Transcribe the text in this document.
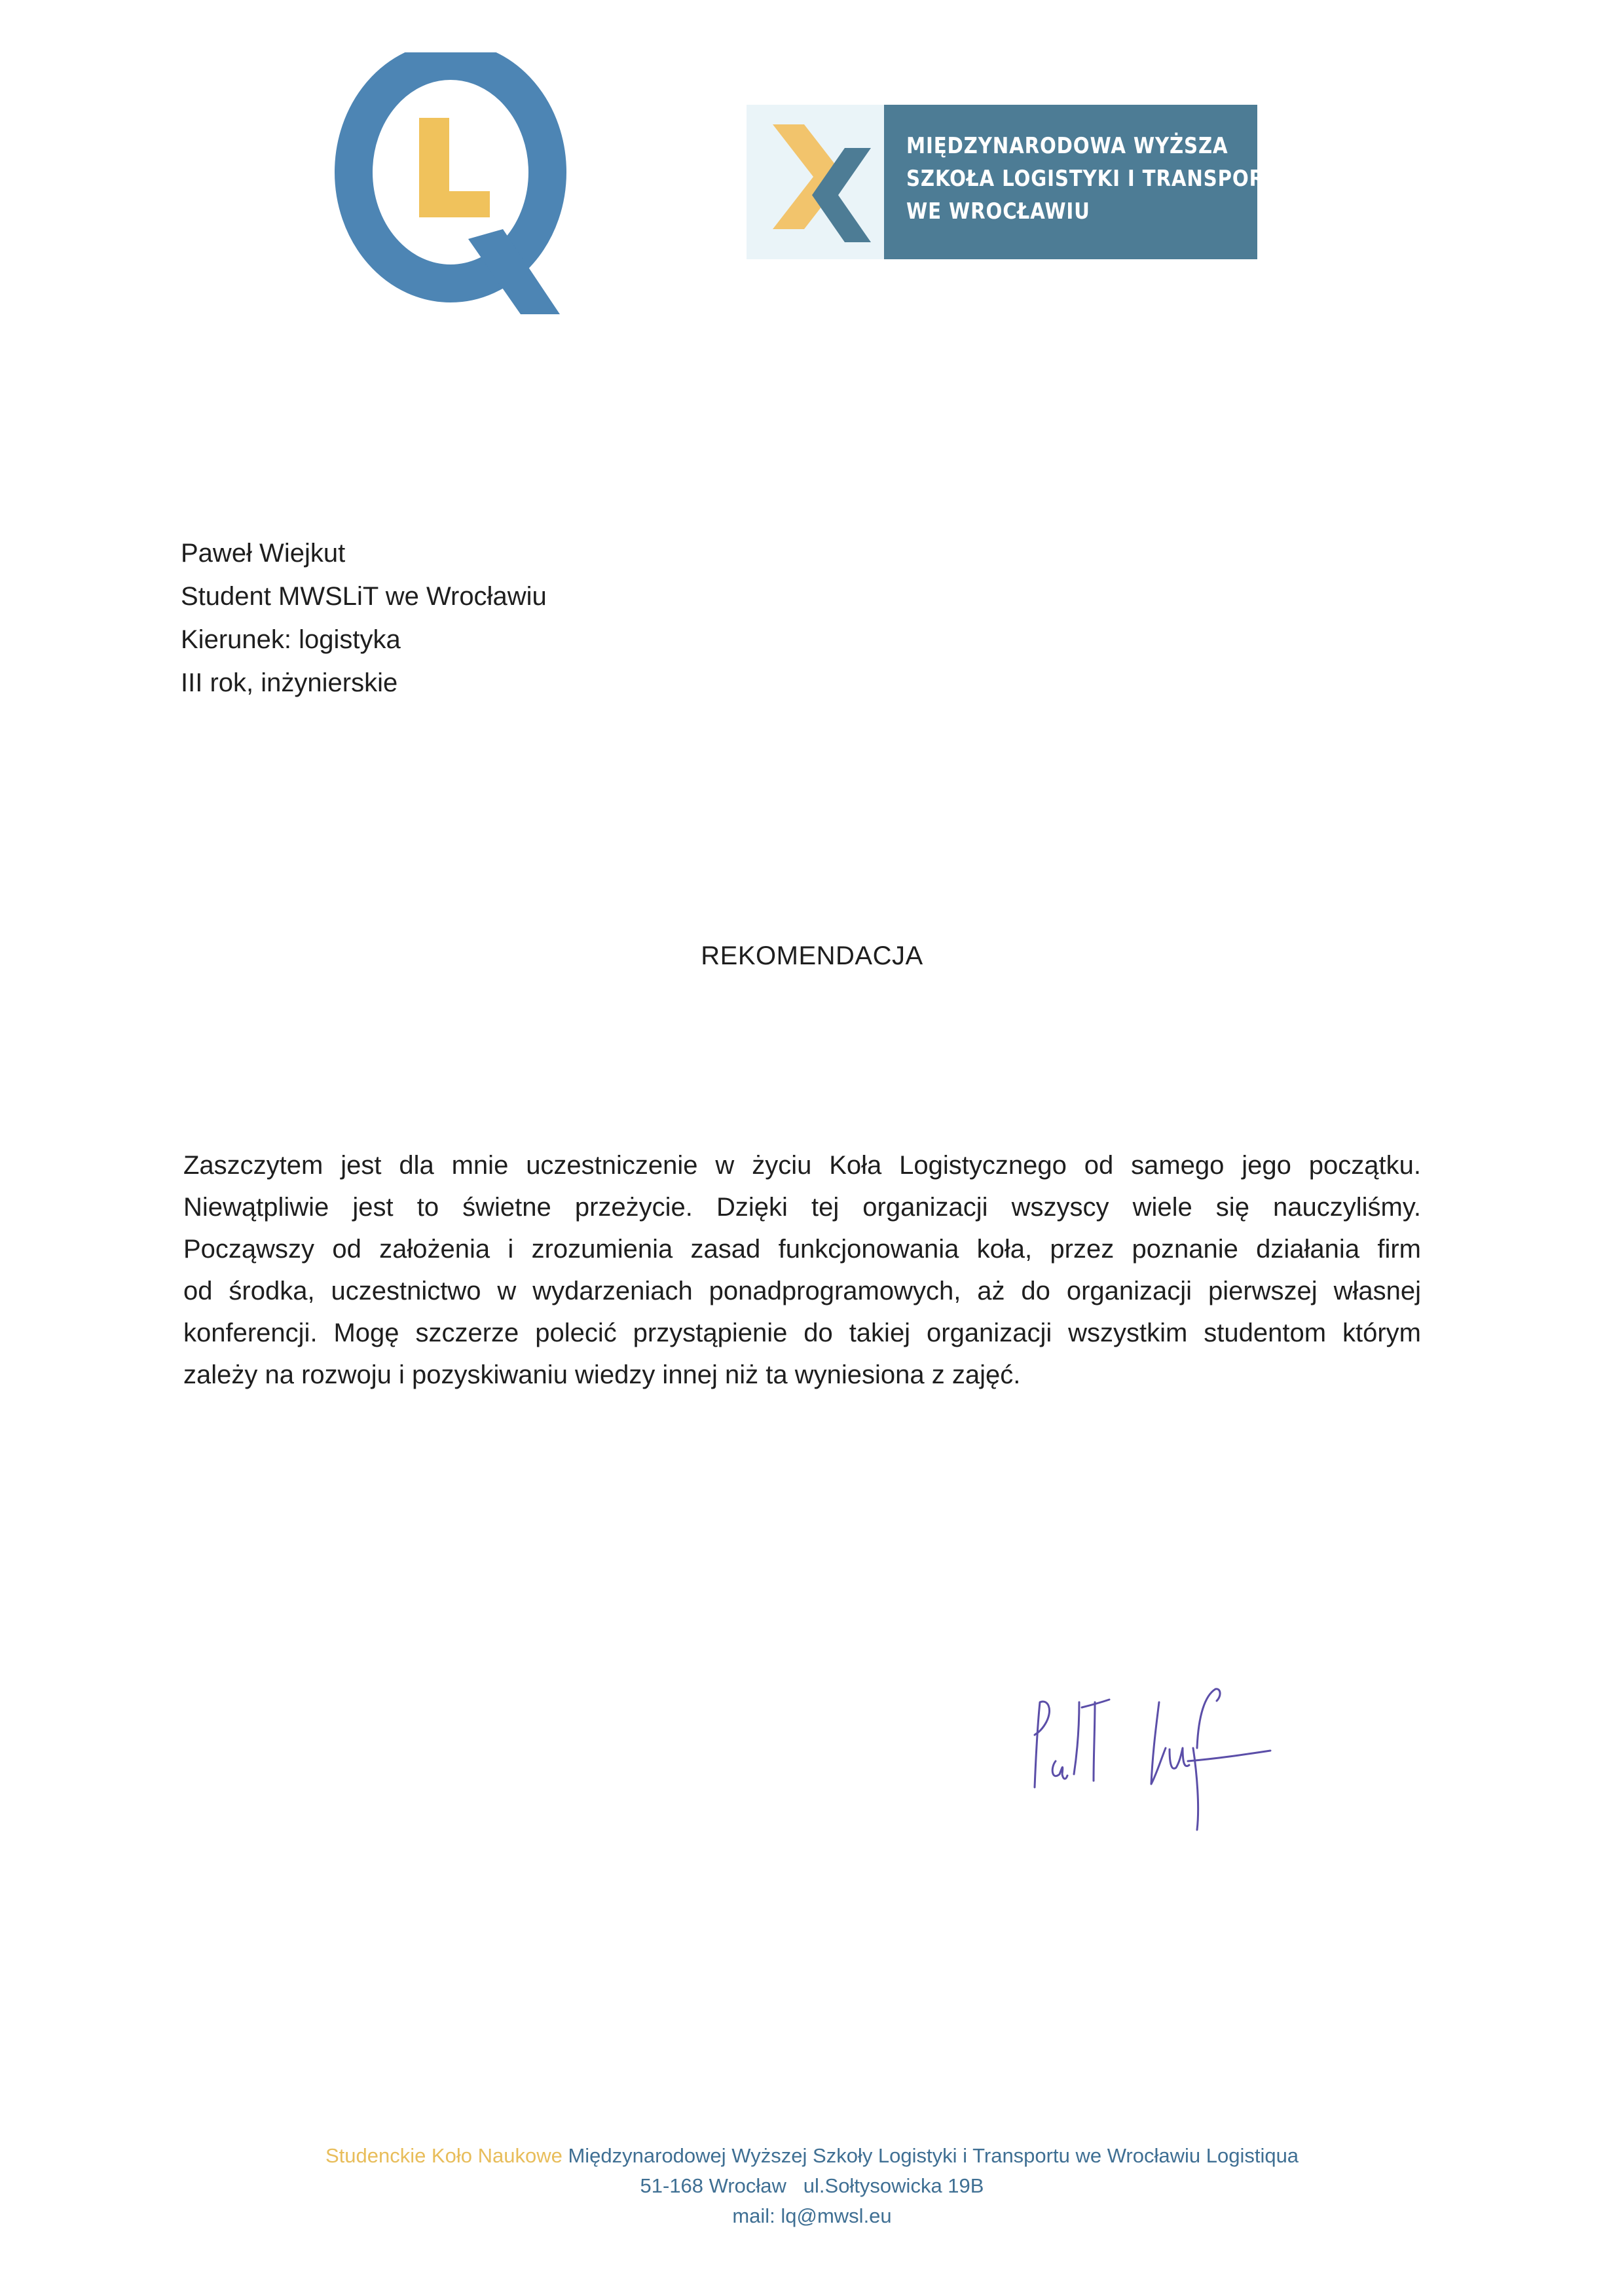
MIĘDZYNARODOWA WYŻSZA
SZKOŁA LOGISTYKI I TRANSPORTU
WE WROCŁAWIU
Paweł Wiejkut
Student MWSLiT we Wrocławiu
Kierunek: logistyka
III rok, inżynierskie
REKOMENDACJA
Zaszczytem jest dla mnie uczestniczenie w życiu Koła Logistycznego od samego jego początku.
Niewątpliwie jest to świetne przeżycie. Dzięki tej organizacji wszyscy wiele się nauczyliśmy.
Począwszy od założenia i zrozumienia zasad funkcjonowania koła, przez poznanie działania firm
od środka, uczestnictwo w wydarzeniach ponadprogramowych, aż do organizacji pierwszej własnej
konferencji. Mogę szczerze polecić przystąpienie do takiej organizacji wszystkim studentom którym
zależy na rozwoju i pozyskiwaniu wiedzy innej niż ta wyniesiona z zajęć.
Studenckie Koło Naukowe Międzynarodowej Wyższej Szkoły Logistyki i Transportu we Wrocławiu Logistiqua
51-168 Wrocław   ul.Sołtysowicka 19B
mail: lq@mwsl.eu
